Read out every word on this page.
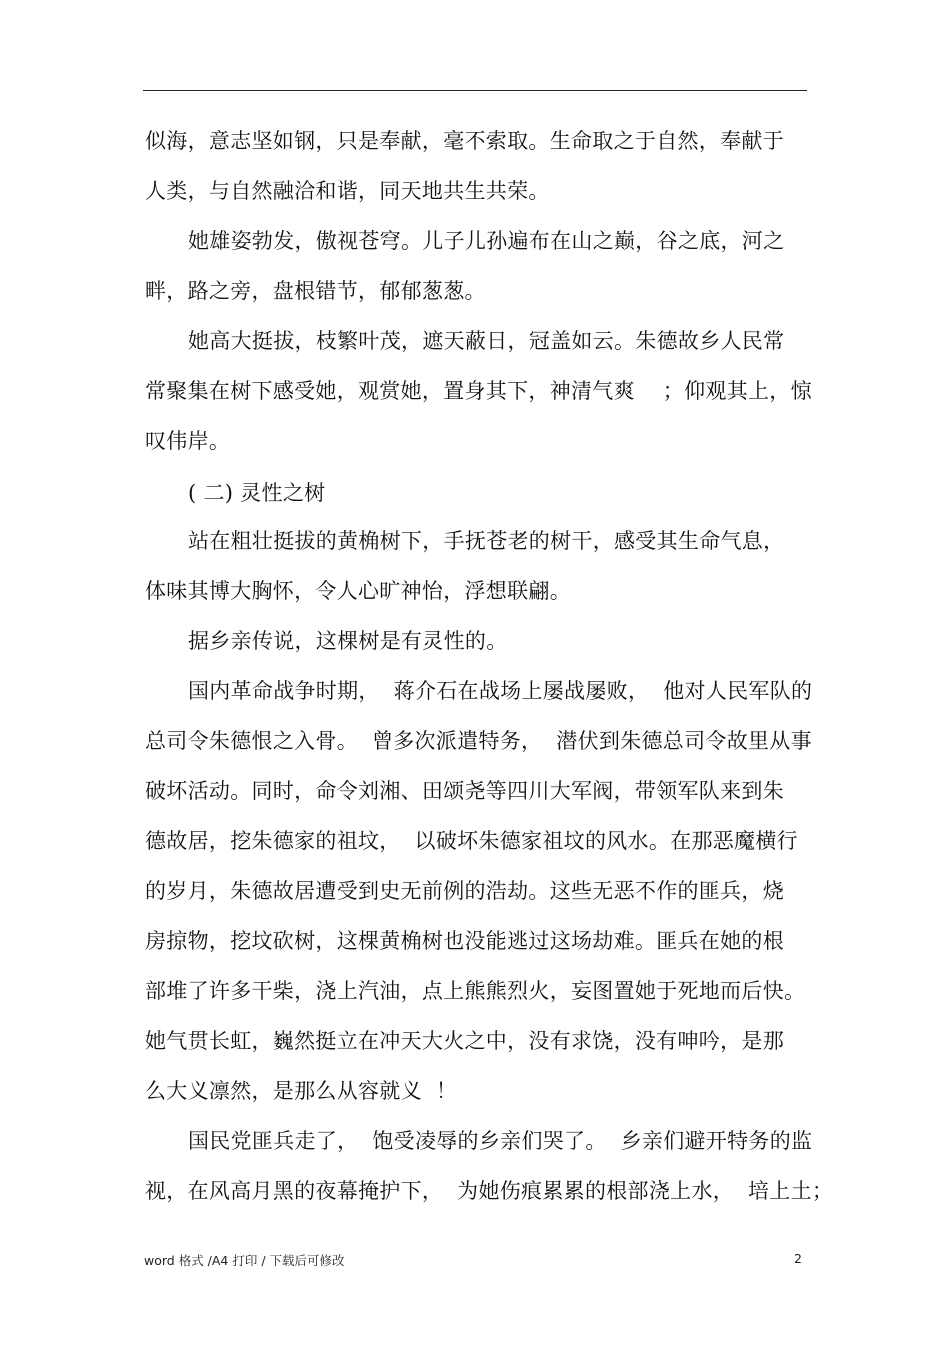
似海，意志坚如钢，只是奉献，毫不索取。生命取之于自然，奉献于
人类，与自然融洽和谐，同天地共生共荣。
她雄姿勃发，傲视苍穹。儿子儿孙遍布在山之巅，谷之底，河之
畔，路之旁，盘根错节，郁郁葱葱。
她高大挺拔，枝繁叶茂，遮天蔽日，冠盖如云。朱德故乡人民常
常聚集在树下感受她，观赏她，置身其下，神清气爽    ；仰观其上，惊
叹伟岸。
( 二) 灵性之树
站在粗壮挺拔的黄桷树下，手抚苍老的树干，感受其生命气息，
体味其博大胸怀，令人心旷神怡，浮想联翩。
据乡亲传说，这棵树是有灵性的。
国内革命战争时期，  蒋介石在战场上屡战屡败，  他对人民军队的
总司令朱德恨之入骨。  曾多次派遣特务，  潜伏到朱德总司令故里从事
破坏活动。同时，命令刘湘、田颂尧等四川大军阀，带领军队来到朱
德故居，挖朱德家的祖坟，  以破坏朱德家祖坟的风水。在那恶魔横行
的岁月，朱德故居遭受到史无前例的浩劫。这些无恶不作的匪兵，烧
房掠物，挖坟砍树，这棵黄桷树也没能逃过这场劫难。匪兵在她的根
部堆了许多干柴，浇上汽油，点上熊熊烈火，妄图置她于死地而后快。
她气贯长虹，巍然挺立在冲天大火之中，没有求饶，没有呻吟，是那
么大义凛然，是那么从容就义  ！
国民党匪兵走了，  饱受凌辱的乡亲们哭了。  乡亲们避开特务的监
视，在风高月黑的夜幕掩护下，  为她伤痕累累的根部浇上水，  培上土；
word 格式 /A4 打印 / 下载后可修改	2
